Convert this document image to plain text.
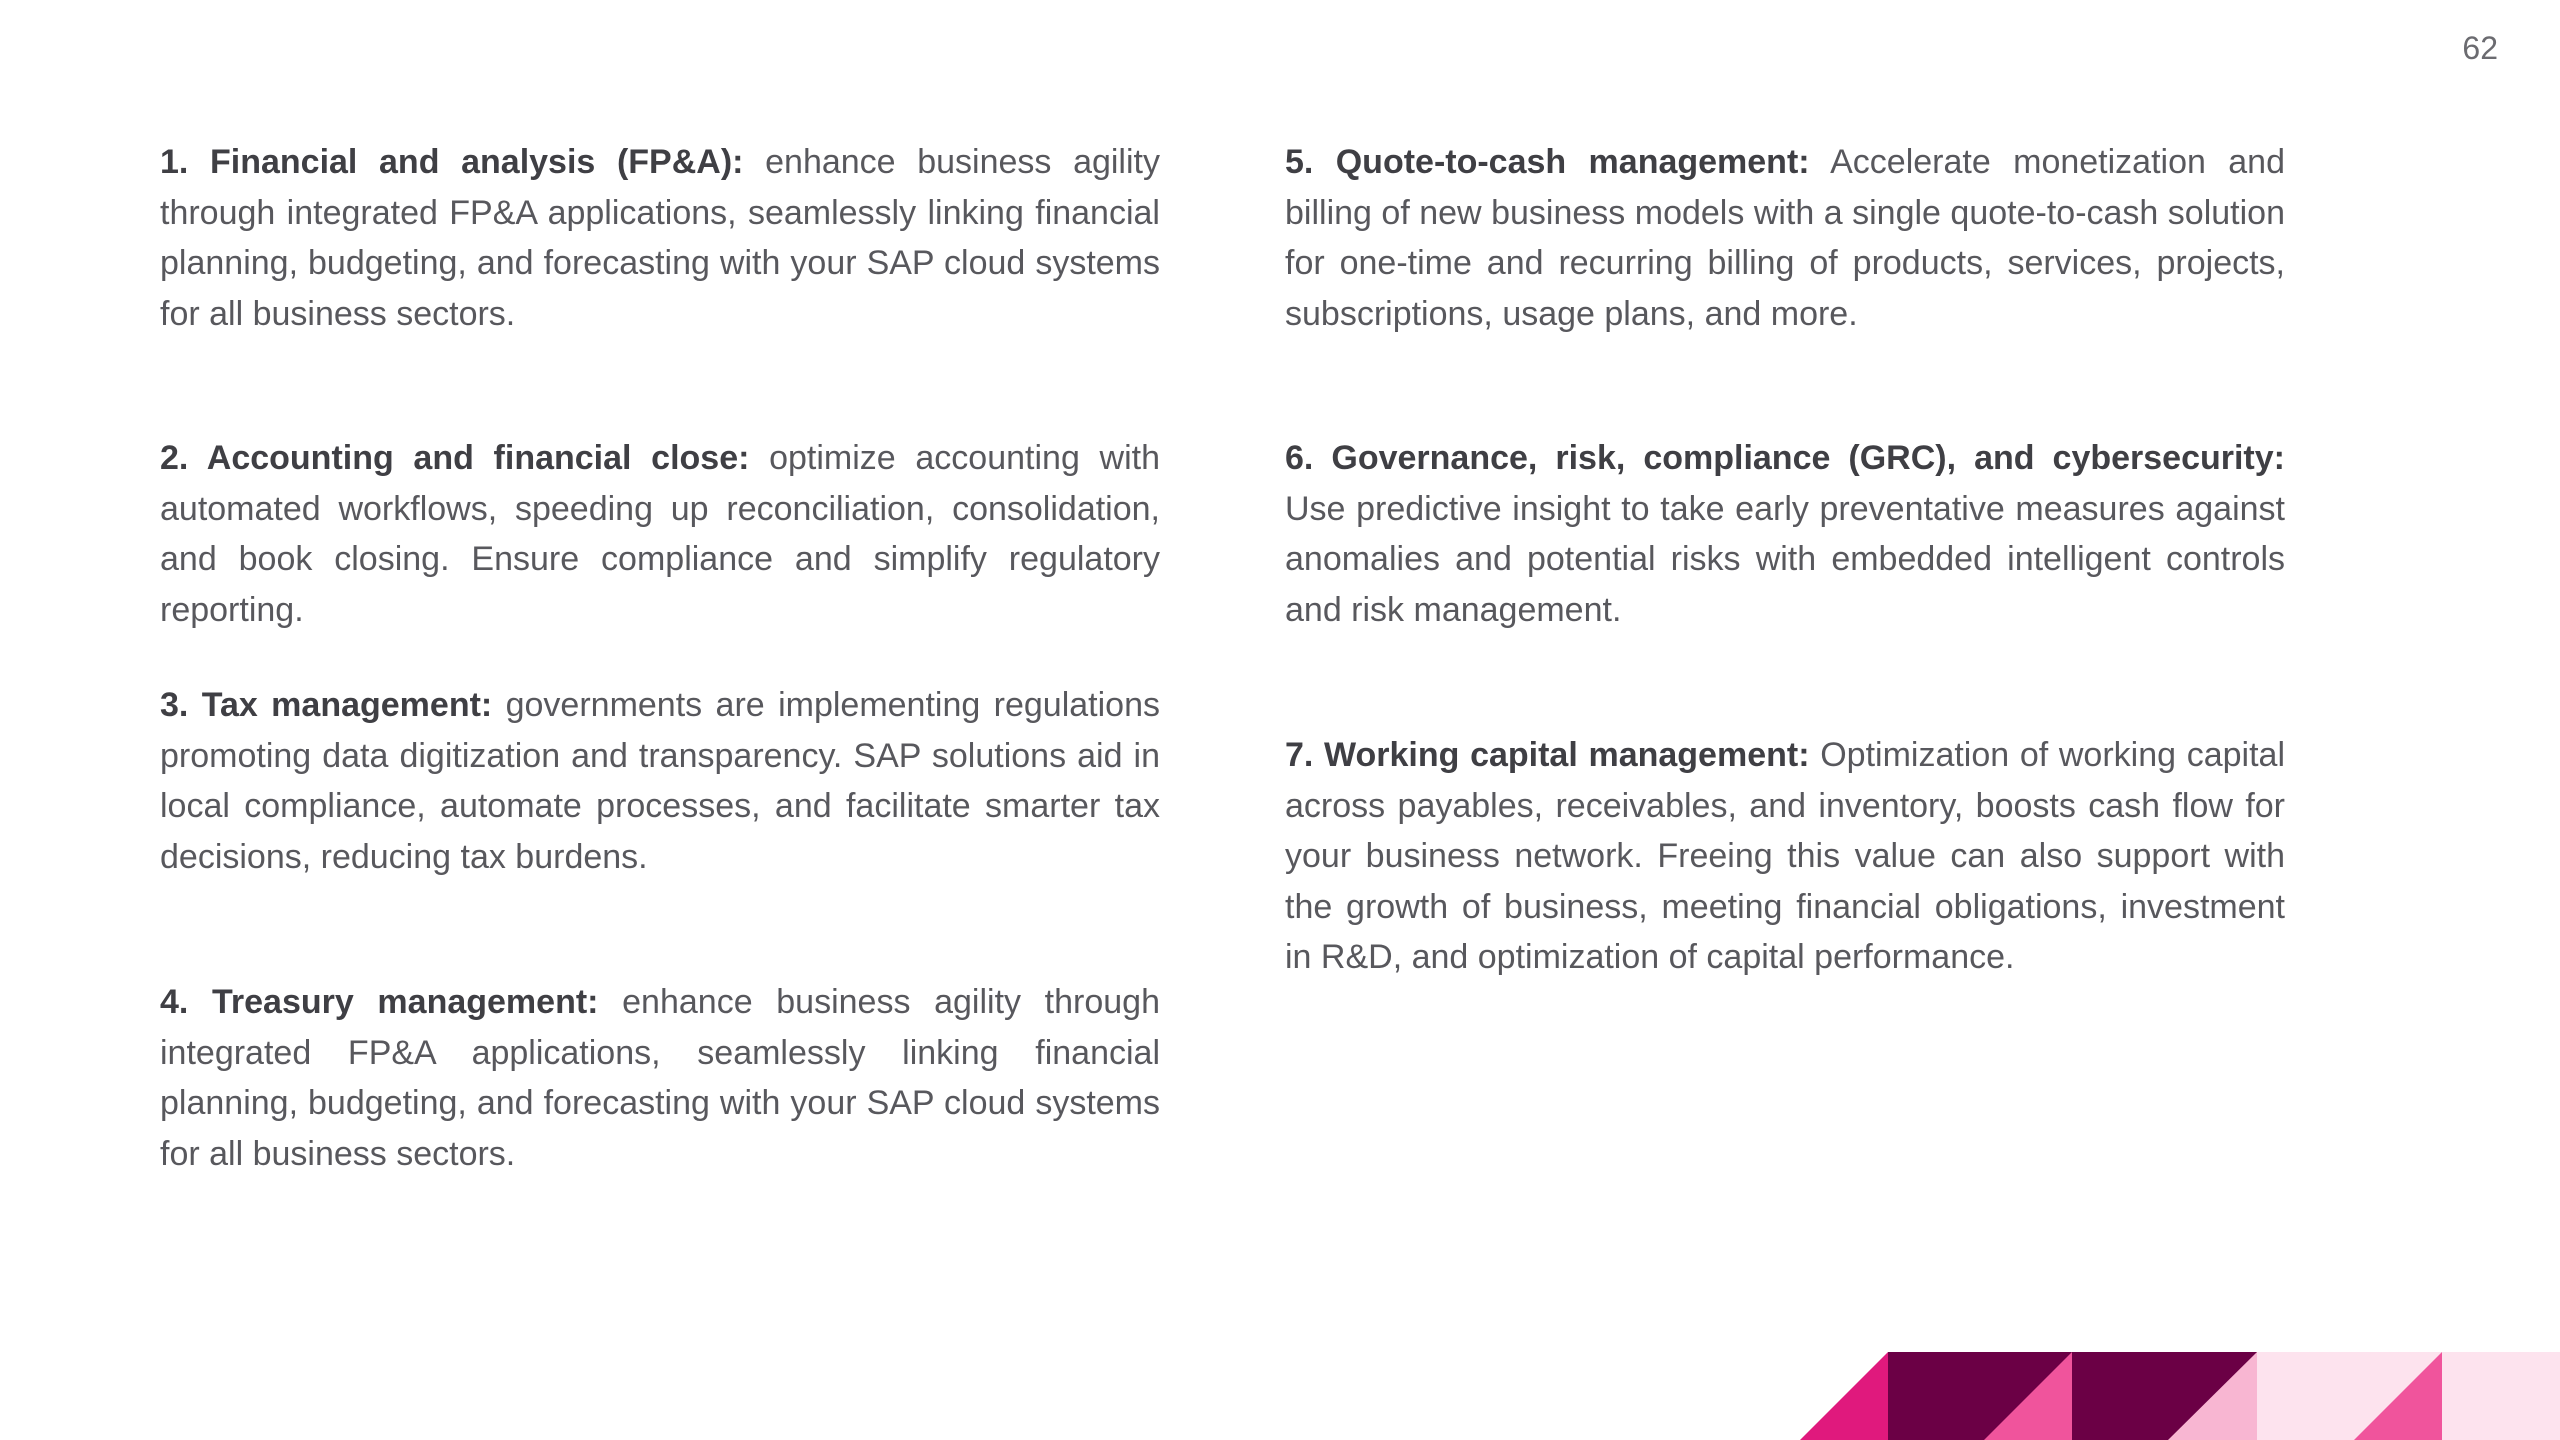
62

1. Financial and analysis (FP&A): enhance business agility through integrated FP&A applications, seamlessly linking financial planning, budgeting, and forecasting with your SAP cloud systems for all business sectors.

2. Accounting and financial close: optimize accounting with automated workflows, speeding up reconciliation, consolidation, and book closing. Ensure compliance and simplify regulatory reporting.

3. Tax management: governments are implementing regulations promoting data digitization and transparency. SAP solutions aid in local compliance, automate processes, and facilitate smarter tax decisions, reducing tax burdens.

4. Treasury management: enhance business agility through integrated FP&A applications, seamlessly linking financial planning, budgeting, and forecasting with your SAP cloud systems for all business sectors.

5. Quote-to-cash management: Accelerate monetization and billing of new business models with a single quote-to-cash solution for one-time and recurring billing of products, services, projects, subscriptions, usage plans, and more.

6. Governance, risk, compliance (GRC), and cybersecurity: Use predictive insight to take early preventative measures against anomalies and potential risks with embedded intelligent controls and risk management.

7. Working capital management: Optimization of working capital across payables, receivables, and inventory, boosts cash flow for your business network. Freeing this value can also support with the growth of business, meeting financial obligations, investment in R&D, and optimization of capital performance.
